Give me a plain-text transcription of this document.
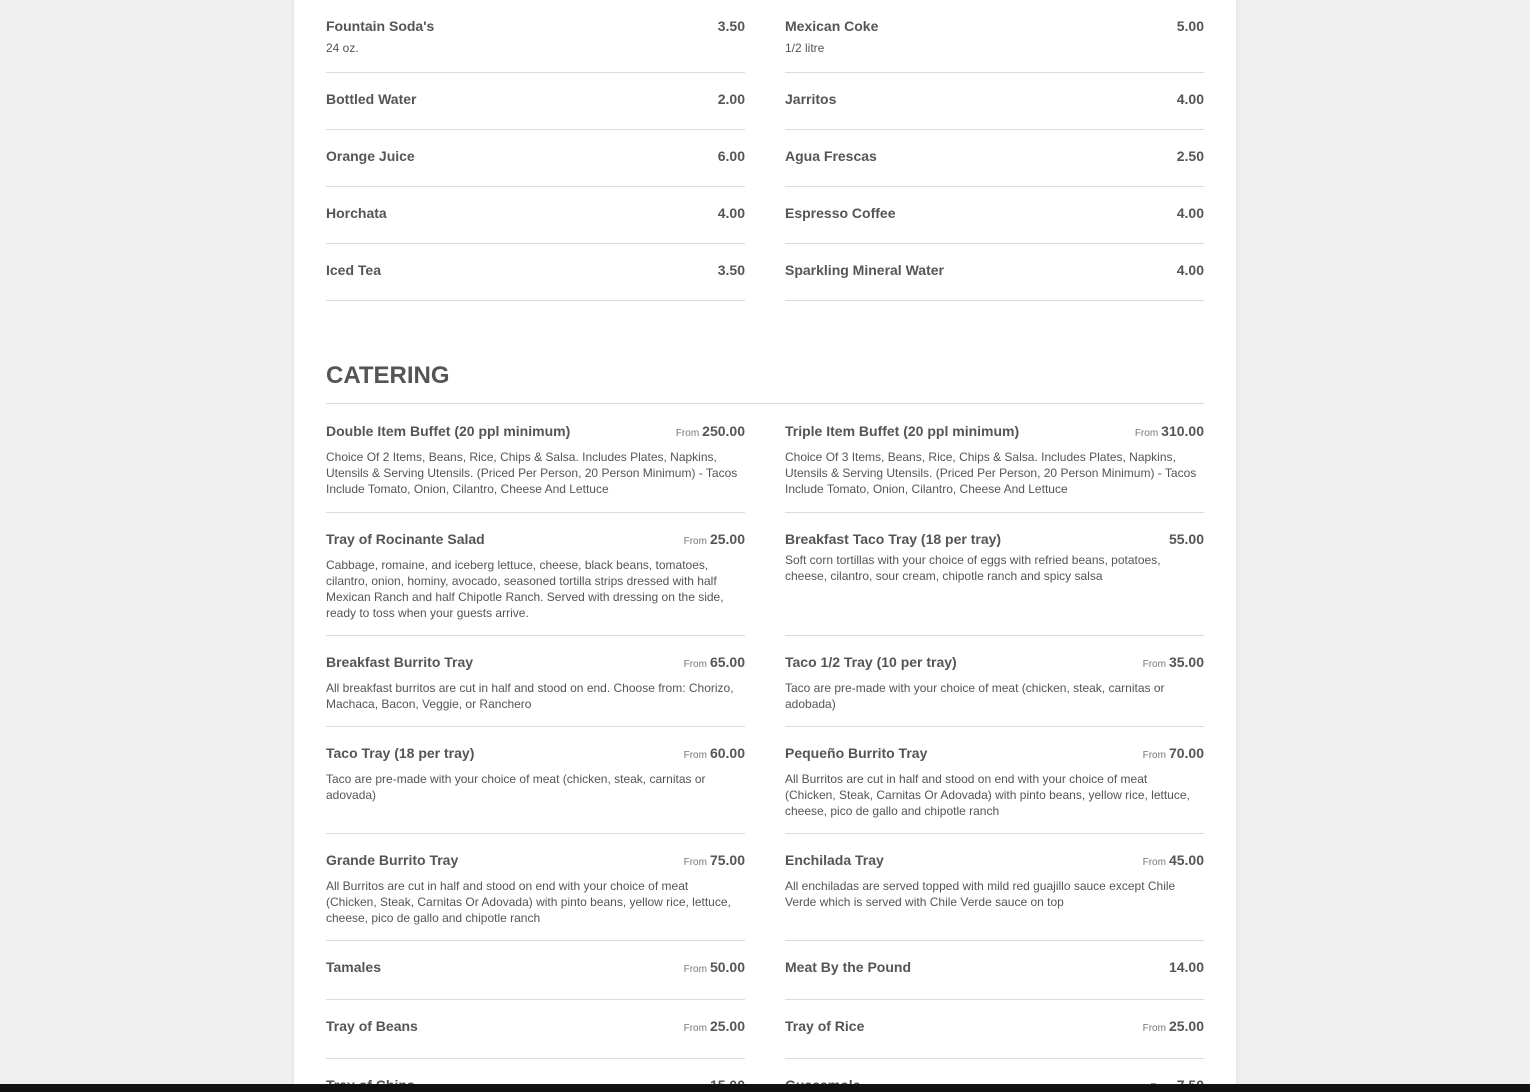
Fountain Soda's	3.50
24 oz.
Mexican Coke	5.00
1/2 litre
Bottled Water	2.00	Jarritos	4.00
Orange Juice	6.00	Agua Frescas	2.50
Horchata	4.00	Espresso Coffee	4.00
Iced Tea	3.50	Sparkling Mineral Water	4.00
CATERING
Double Item Buffet (20 ppl minimum)	From 250.00
Choice Of 2 Items, Beans, Rice, Chips & Salsa. Includes Plates, Napkins, Utensils & Serving Utensils. (Priced Per Person, 20 Person Minimum) - Tacos Include Tomato, Onion, Cilantro, Cheese And Lettuce
Triple Item Buffet (20 ppl minimum)	From 310.00
Choice Of 3 Items, Beans, Rice, Chips & Salsa. Includes Plates, Napkins, Utensils & Serving Utensils. (Priced Per Person, 20 Person Minimum) - Tacos Include Tomato, Onion, Cilantro, Cheese And Lettuce
Tray of Rocinante Salad	From 25.00
Cabbage, romaine, and iceberg lettuce, cheese, black beans, tomatoes, cilantro, onion, hominy, avocado, seasoned tortilla strips dressed with half Mexican Ranch and half Chipotle Ranch. Served with dressing on the side, ready to toss when your guests arrive.
Breakfast Taco Tray (18 per tray)	55.00
Soft corn tortillas with your choice of eggs with refried beans, potatoes, cheese, cilantro, sour cream, chipotle ranch and spicy salsa
Breakfast Burrito Tray	From 65.00
All breakfast burritos are cut in half and stood on end. Choose from: Chorizo, Machaca, Bacon, Veggie, or Ranchero
Taco 1/2 Tray (10 per tray)	From 35.00
Taco are pre-made with your choice of meat (chicken, steak, carnitas or adobada)
Taco Tray (18 per tray)	From 60.00
Taco are pre-made with your choice of meat (chicken, steak, carnitas or adovada)
Pequeño Burrito Tray	From 70.00
All Burritos are cut in half and stood on end with your choice of meat (Chicken, Steak, Carnitas Or Adovada) with pinto beans, yellow rice, lettuce, cheese, pico de gallo and chipotle ranch
Grande Burrito Tray	From 75.00
All Burritos are cut in half and stood on end with your choice of meat (Chicken, Steak, Carnitas Or Adovada) with pinto beans, yellow rice, lettuce, cheese, pico de gallo and chipotle ranch
Enchilada Tray	From 45.00
All enchiladas are served topped with mild red guajillo sauce except Chile Verde which is served with Chile Verde sauce on top
Tamales	From 50.00	Meat By the Pound	14.00
Tray of Beans	From 25.00	Tray of Rice	From 25.00
